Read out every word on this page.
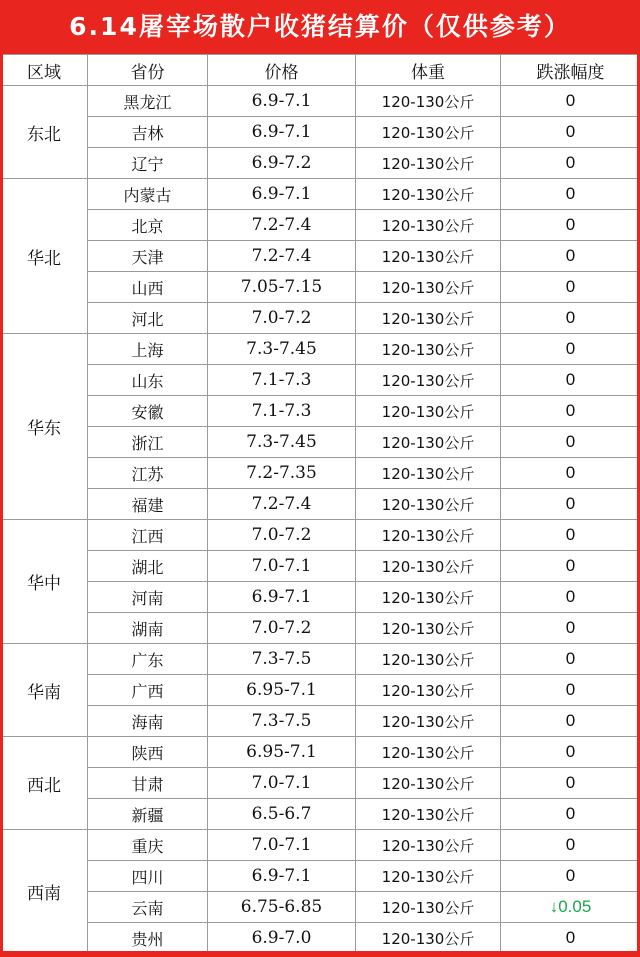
6.14屠宰场散户收猪结算价（仅供参考）
区域	省份	价格	体重	跌涨幅度
东北	黑龙江	6.9-7.1	120-130公斤	0
	吉林	6.9-7.1	120-130公斤	0
	辽宁	6.9-7.2	120-130公斤	0
华北	内蒙古	6.9-7.1	120-130公斤	0
	北京	7.2-7.4	120-130公斤	0
	天津	7.2-7.4	120-130公斤	0
	山西	7.05-7.15	120-130公斤	0
	河北	7.0-7.2	120-130公斤	0
华东	上海	7.3-7.45	120-130公斤	0
	山东	7.1-7.3	120-130公斤	0
	安徽	7.1-7.3	120-130公斤	0
	浙江	7.3-7.45	120-130公斤	0
	江苏	7.2-7.35	120-130公斤	0
	福建	7.2-7.4	120-130公斤	0
华中	江西	7.0-7.2	120-130公斤	0
	湖北	7.0-7.1	120-130公斤	0
	河南	6.9-7.1	120-130公斤	0
	湖南	7.0-7.2	120-130公斤	0
华南	广东	7.3-7.5	120-130公斤	0
	广西	6.95-7.1	120-130公斤	0
	海南	7.3-7.5	120-130公斤	0
西北	陕西	6.95-7.1	120-130公斤	0
	甘肃	7.0-7.1	120-130公斤	0
	新疆	6.5-6.7	120-130公斤	0
西南	重庆	7.0-7.1	120-130公斤	0
	四川	6.9-7.1	120-130公斤	0
	云南	6.75-6.85	120-130公斤	↓0.05
	贵州	6.9-7.0	120-130公斤	0
